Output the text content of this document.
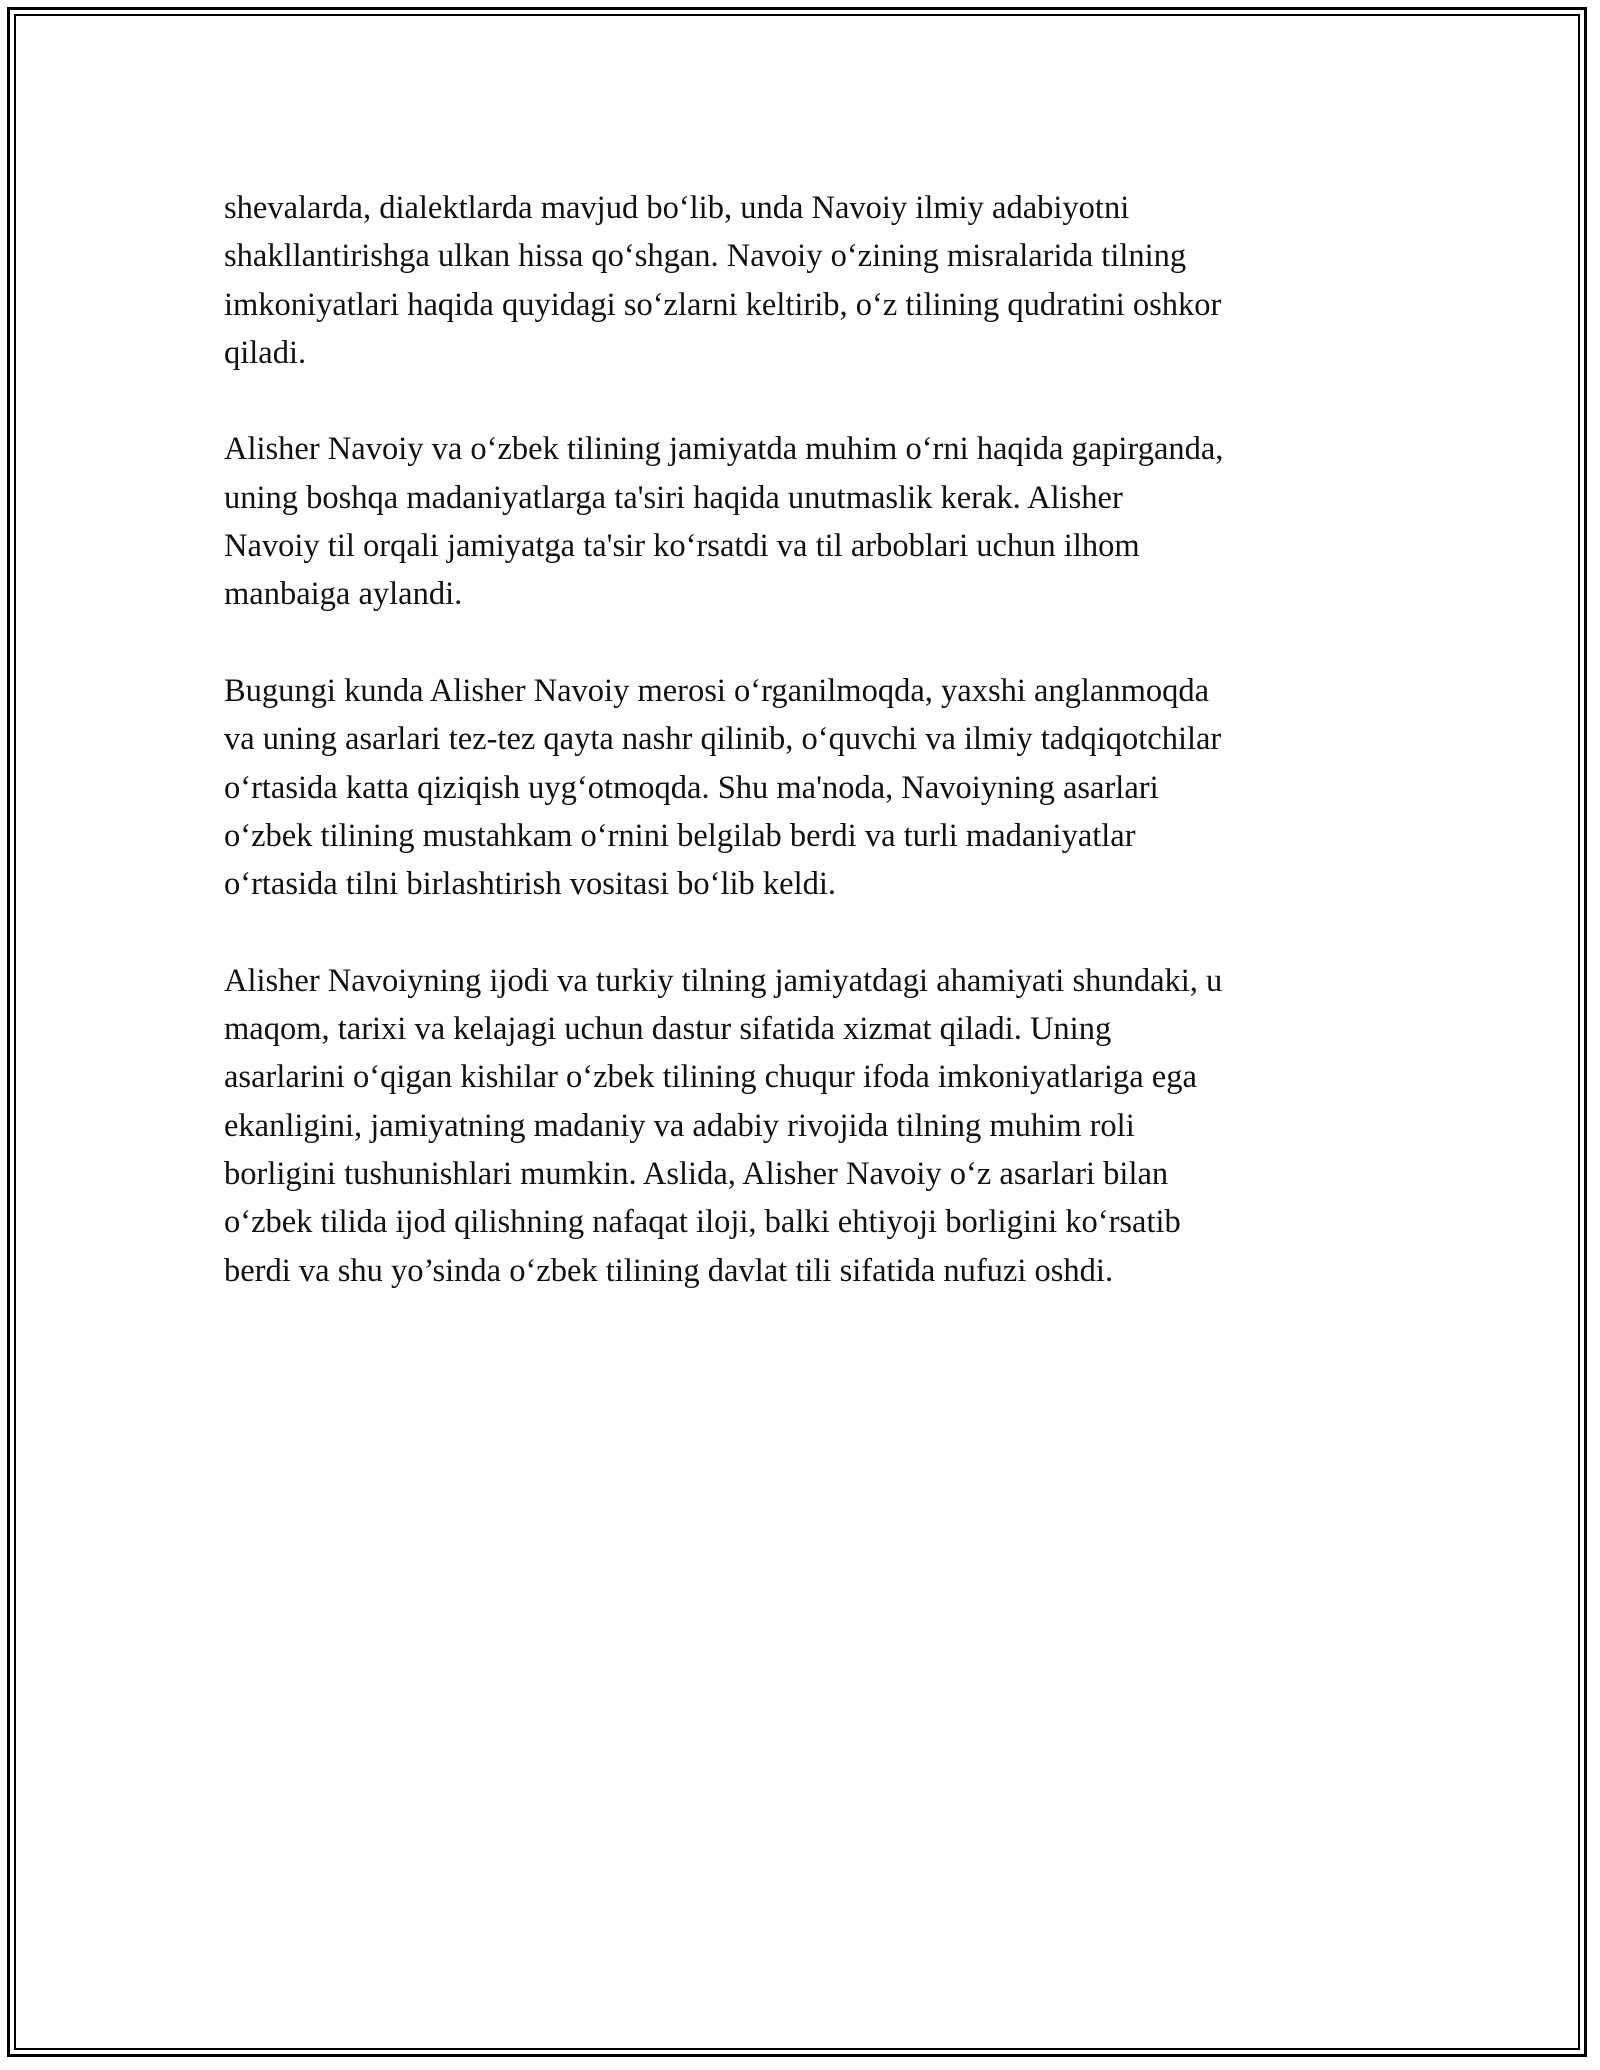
shevalarda, dialektlarda mavjud bo‘lib, unda Navoiy ilmiy adabiyotni
shakllantirishga ulkan hissa qo‘shgan. Navoiy o‘zining misralarida tilning
imkoniyatlari haqida quyidagi so‘zlarni keltirib, o‘z tilining qudratini oshkor
qiladi.

Alisher Navoiy va o‘zbek tilining jamiyatda muhim o‘rni haqida gapirganda,
uning boshqa madaniyatlarga ta'siri haqida unutmaslik kerak. Alisher
Navoiy til orqali jamiyatga ta'sir ko‘rsatdi va til arboblari uchun ilhom
manbaiga aylandi.

Bugungi kunda Alisher Navoiy merosi o‘rganilmoqda, yaxshi anglanmoqda
va uning asarlari tez-tez qayta nashr qilinib, o‘quvchi va ilmiy tadqiqotchilar
o‘rtasida katta qiziqish uyg‘otmoqda. Shu ma'noda, Navoiyning asarlari
o‘zbek tilining mustahkam o‘rnini belgilab berdi va turli madaniyatlar
o‘rtasida tilni birlashtirish vositasi bo‘lib keldi.

Alisher Navoiyning ijodi va turkiy tilning jamiyatdagi ahamiyati shundaki, u
maqom, tarixi va kelajagi uchun dastur sifatida xizmat qiladi. Uning
asarlarini o‘qigan kishilar o‘zbek tilining chuqur ifoda imkoniyatlariga ega
ekanligini, jamiyatning madaniy va adabiy rivojida tilning muhim roli
borligini tushunishlari mumkin. Aslida, Alisher Navoiy o‘z asarlari bilan
o‘zbek tilida ijod qilishning nafaqat iloji, balki ehtiyoji borligini ko‘rsatib
berdi va shu yo’sinda o‘zbek tilining davlat tili sifatida nufuzi oshdi.
